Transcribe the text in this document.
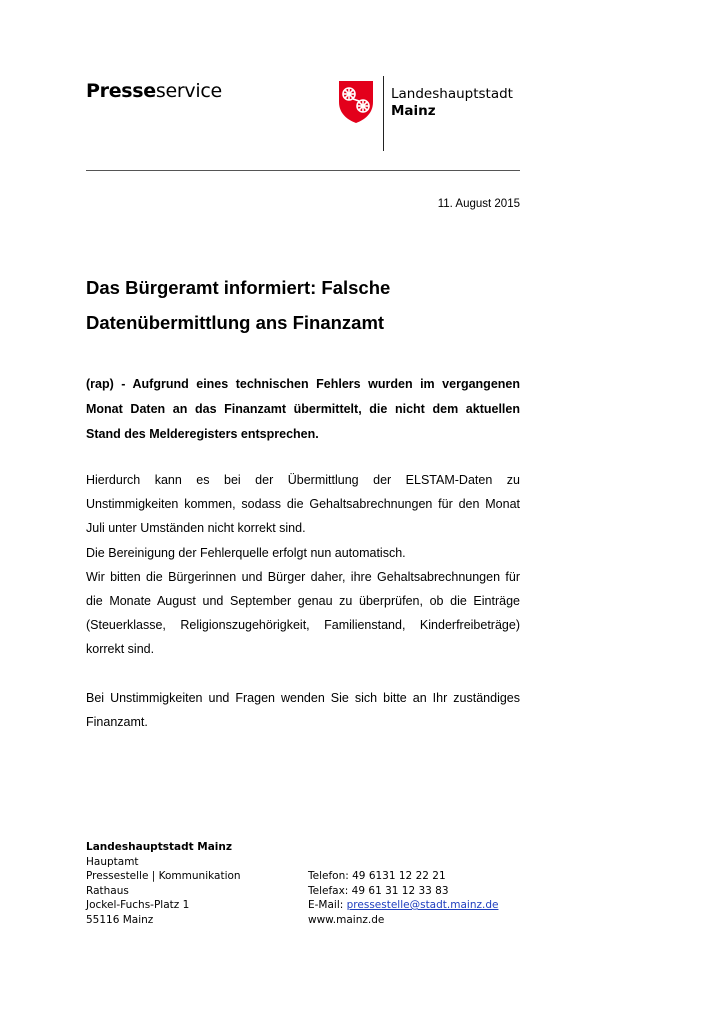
Presseservice	Landeshauptstadt
Mainz
11. August 2015
Das Bürgeramt informiert: Falsche Datenübermittlung ans Finanzamt
(rap) - Aufgrund eines technischen Fehlers wurden im vergangenen Monat Daten an das Finanzamt übermittelt, die nicht dem aktuellen Stand des Melderegisters entsprechen.

Hierdurch kann es bei der Übermittlung der ELSTAM-Daten zu Unstimmigkeiten kommen, sodass die Gehaltsabrechnungen für den Monat Juli unter Umständen nicht korrekt sind.

Die Bereinigung der Fehlerquelle erfolgt nun automatisch.

Wir bitten die Bürgerinnen und Bürger daher, ihre Gehaltsabrechnungen für die Monate August und September genau zu überprüfen, ob die Einträge (Steuerklasse, Religionszugehörigkeit, Familienstand, Kinderfreibeträge) korrekt sind.

Bei Unstimmigkeiten und Fragen wenden Sie sich bitte an Ihr zuständiges Finanzamt.
Landeshauptstadt Mainz
Hauptamt
Pressestelle | Kommunikation
Rathaus
Jockel-Fuchs-Platz 1
55116 Mainz
Telefon: 49 6131 12 22 21
Telefax: 49 61 31 12 33 83
E-Mail: pressestelle@stadt.mainz.de
www.mainz.de
